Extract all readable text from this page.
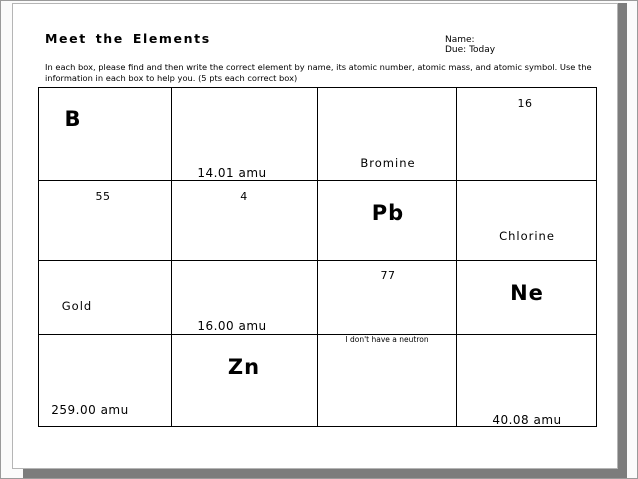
Meet the Elements	Name:
Due: Today
In each box, please find and then write the correct element by name, its atomic number, atomic mass, and atomic symbol. Use the information in each box to help you. (5 pts each correct box)
B	14.01 amu	Bromine	16

55	4	Pb	Chlorine

Gold	16.00 amu	77	Ne

259.00 amu	Zn	I don't have a neutron	40.08 amu
